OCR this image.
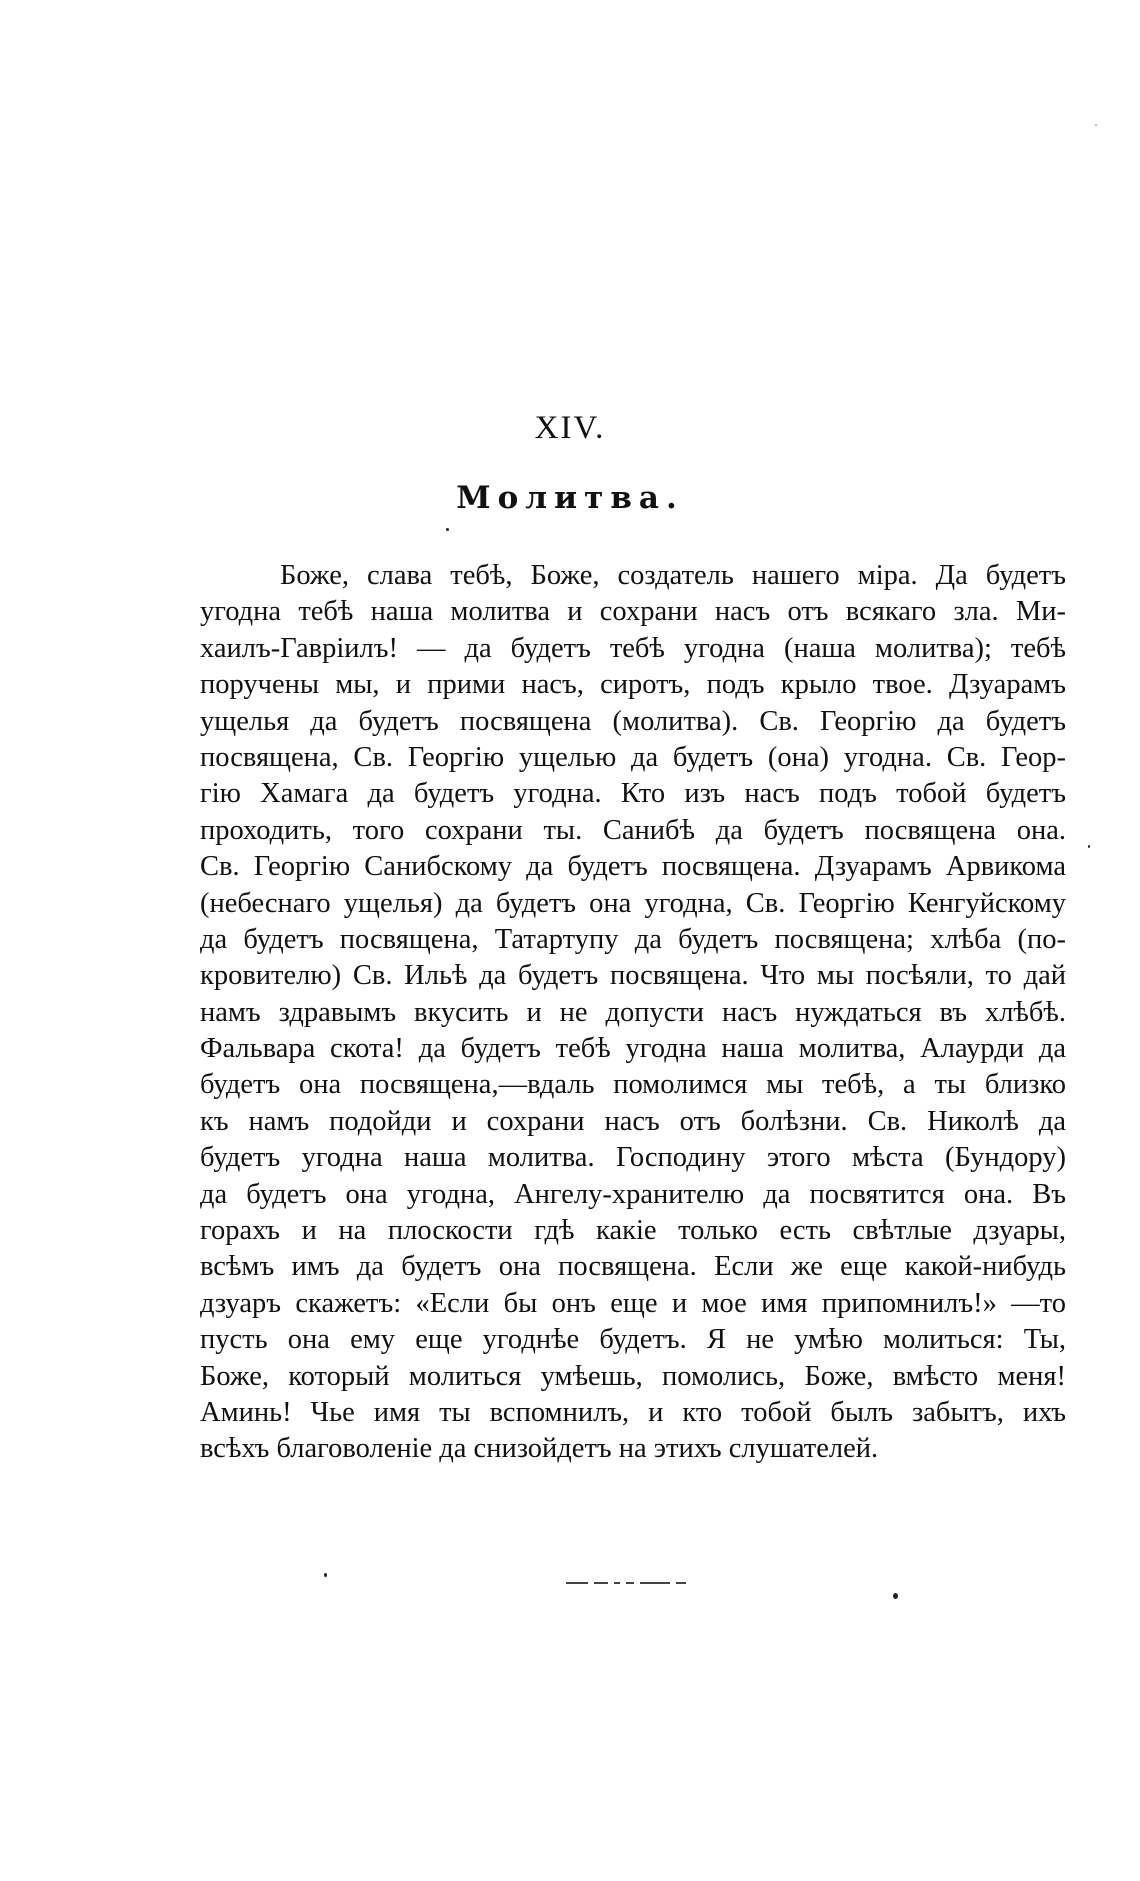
XIV.
Молитва.
Боже, слава тебѣ, Боже, создатель нашего міра. Да будетъ
угодна тебѣ наша молитва и сохрани насъ отъ всякаго зла. Ми-
хаилъ-Гавріилъ! — да будетъ тебѣ угодна (наша молитва); тебѣ
поручены мы, и прими насъ, сиротъ, подъ крыло твое. Дзуарамъ
ущелья да будетъ посвящена (молитва). Св. Георгію да будетъ
посвящена, Св. Георгію ущелью да будетъ (она) угодна. Св. Геор-
гію Хамага да будетъ угодна. Кто изъ насъ подъ тобой будетъ
проходить, того сохрани ты. Санибѣ да будетъ посвящена она.
Св. Георгію Санибскому да будетъ посвящена. Дзуарамъ Арвикома
(небеснаго ущелья) да будетъ она угодна, Св. Георгію Кенгуйскому
да будетъ посвящена, Татартупу да будетъ посвящена; хлѣба (по-
кровителю) Св. Ильѣ да будетъ посвящена. Что мы посѣяли, то дай
намъ здравымъ вкусить и не допусти насъ нуждаться въ хлѣбѣ.
Фальвара скота! да будетъ тебѣ угодна наша молитва, Алаурди да
будетъ она посвящена,—вдаль помолимся мы тебѣ, а ты близко
къ намъ подойди и сохрани насъ отъ болѣзни. Св. Николѣ да
будетъ угодна наша молитва. Господину этого мѣста (Бундору)
да будетъ она угодна, Ангелу-хранителю да посвятится она. Въ
горахъ и на плоскости гдѣ какіе только есть свѣтлые дзуары,
всѣмъ имъ да будетъ она посвящена. Если же еще какой-нибудь
дзуаръ скажетъ: «Если бы онъ еще и мое имя припомнилъ!» —то
пусть она ему еще угоднѣе будетъ. Я не умѣю молиться: Ты,
Боже, который молиться умѣешь, помолись, Боже, вмѣсто меня!
Аминь! Чье имя ты вспомнилъ, и кто тобой былъ забытъ, ихъ
всѣхъ благоволеніе да снизойдетъ на этихъ слушателей.
